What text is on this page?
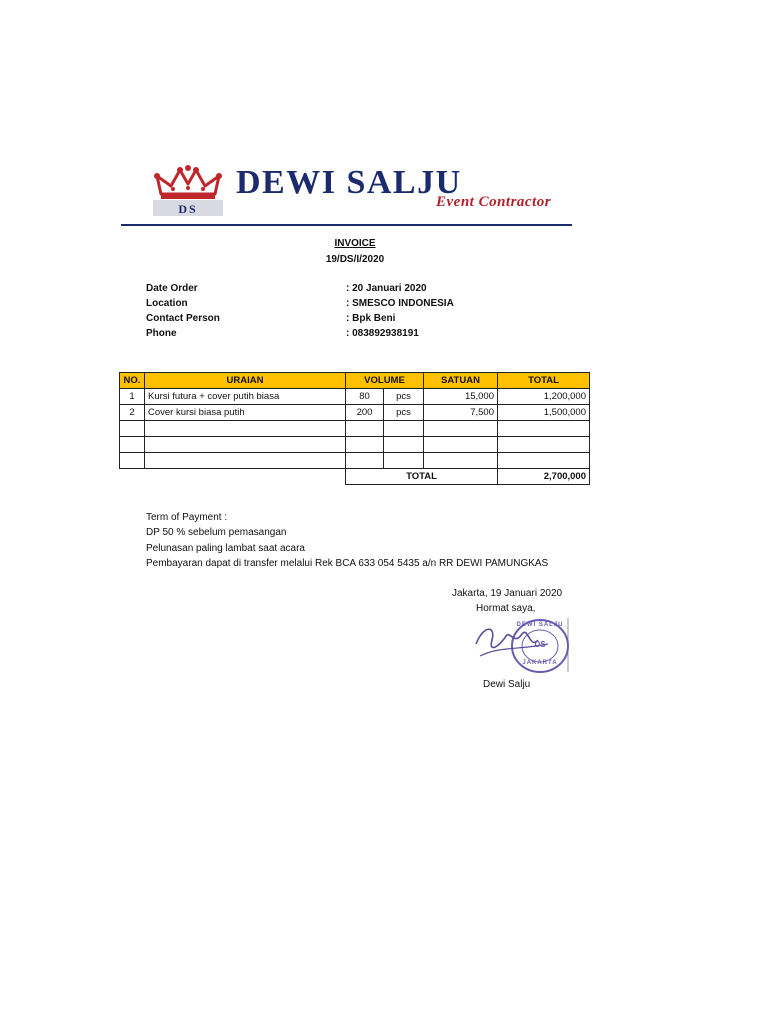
DS
DEWI SALJU
Event Contractor
INVOICE
19/DS/I/2020
Date Order	: 20 Januari 2020
Location	: SMESCO INDONESIA
Contact Person	: Bpk Beni
Phone	: 083892938191
NO.	URAIAN	VOLUME		SATUAN	TOTAL
1	Kursi futura + cover putih biasa	80	pcs	15,000	1,200,000
2	Cover kursi biasa putih	200	pcs	7,500	1,500,000

		TOTAL			2,700,000
Term of Payment :
DP 50 % sebelum pemasangan
Pelunasan paling lambat saat acara
Pembayaran dapat di transfer melalui Rek BCA 633 054 5435 a/n RR DEWI PAMUNGKAS
Jakarta, 19 Januari 2020
Hormat saya,
DEWI SALJU
DS
JAKARTA
Dewi Salju
